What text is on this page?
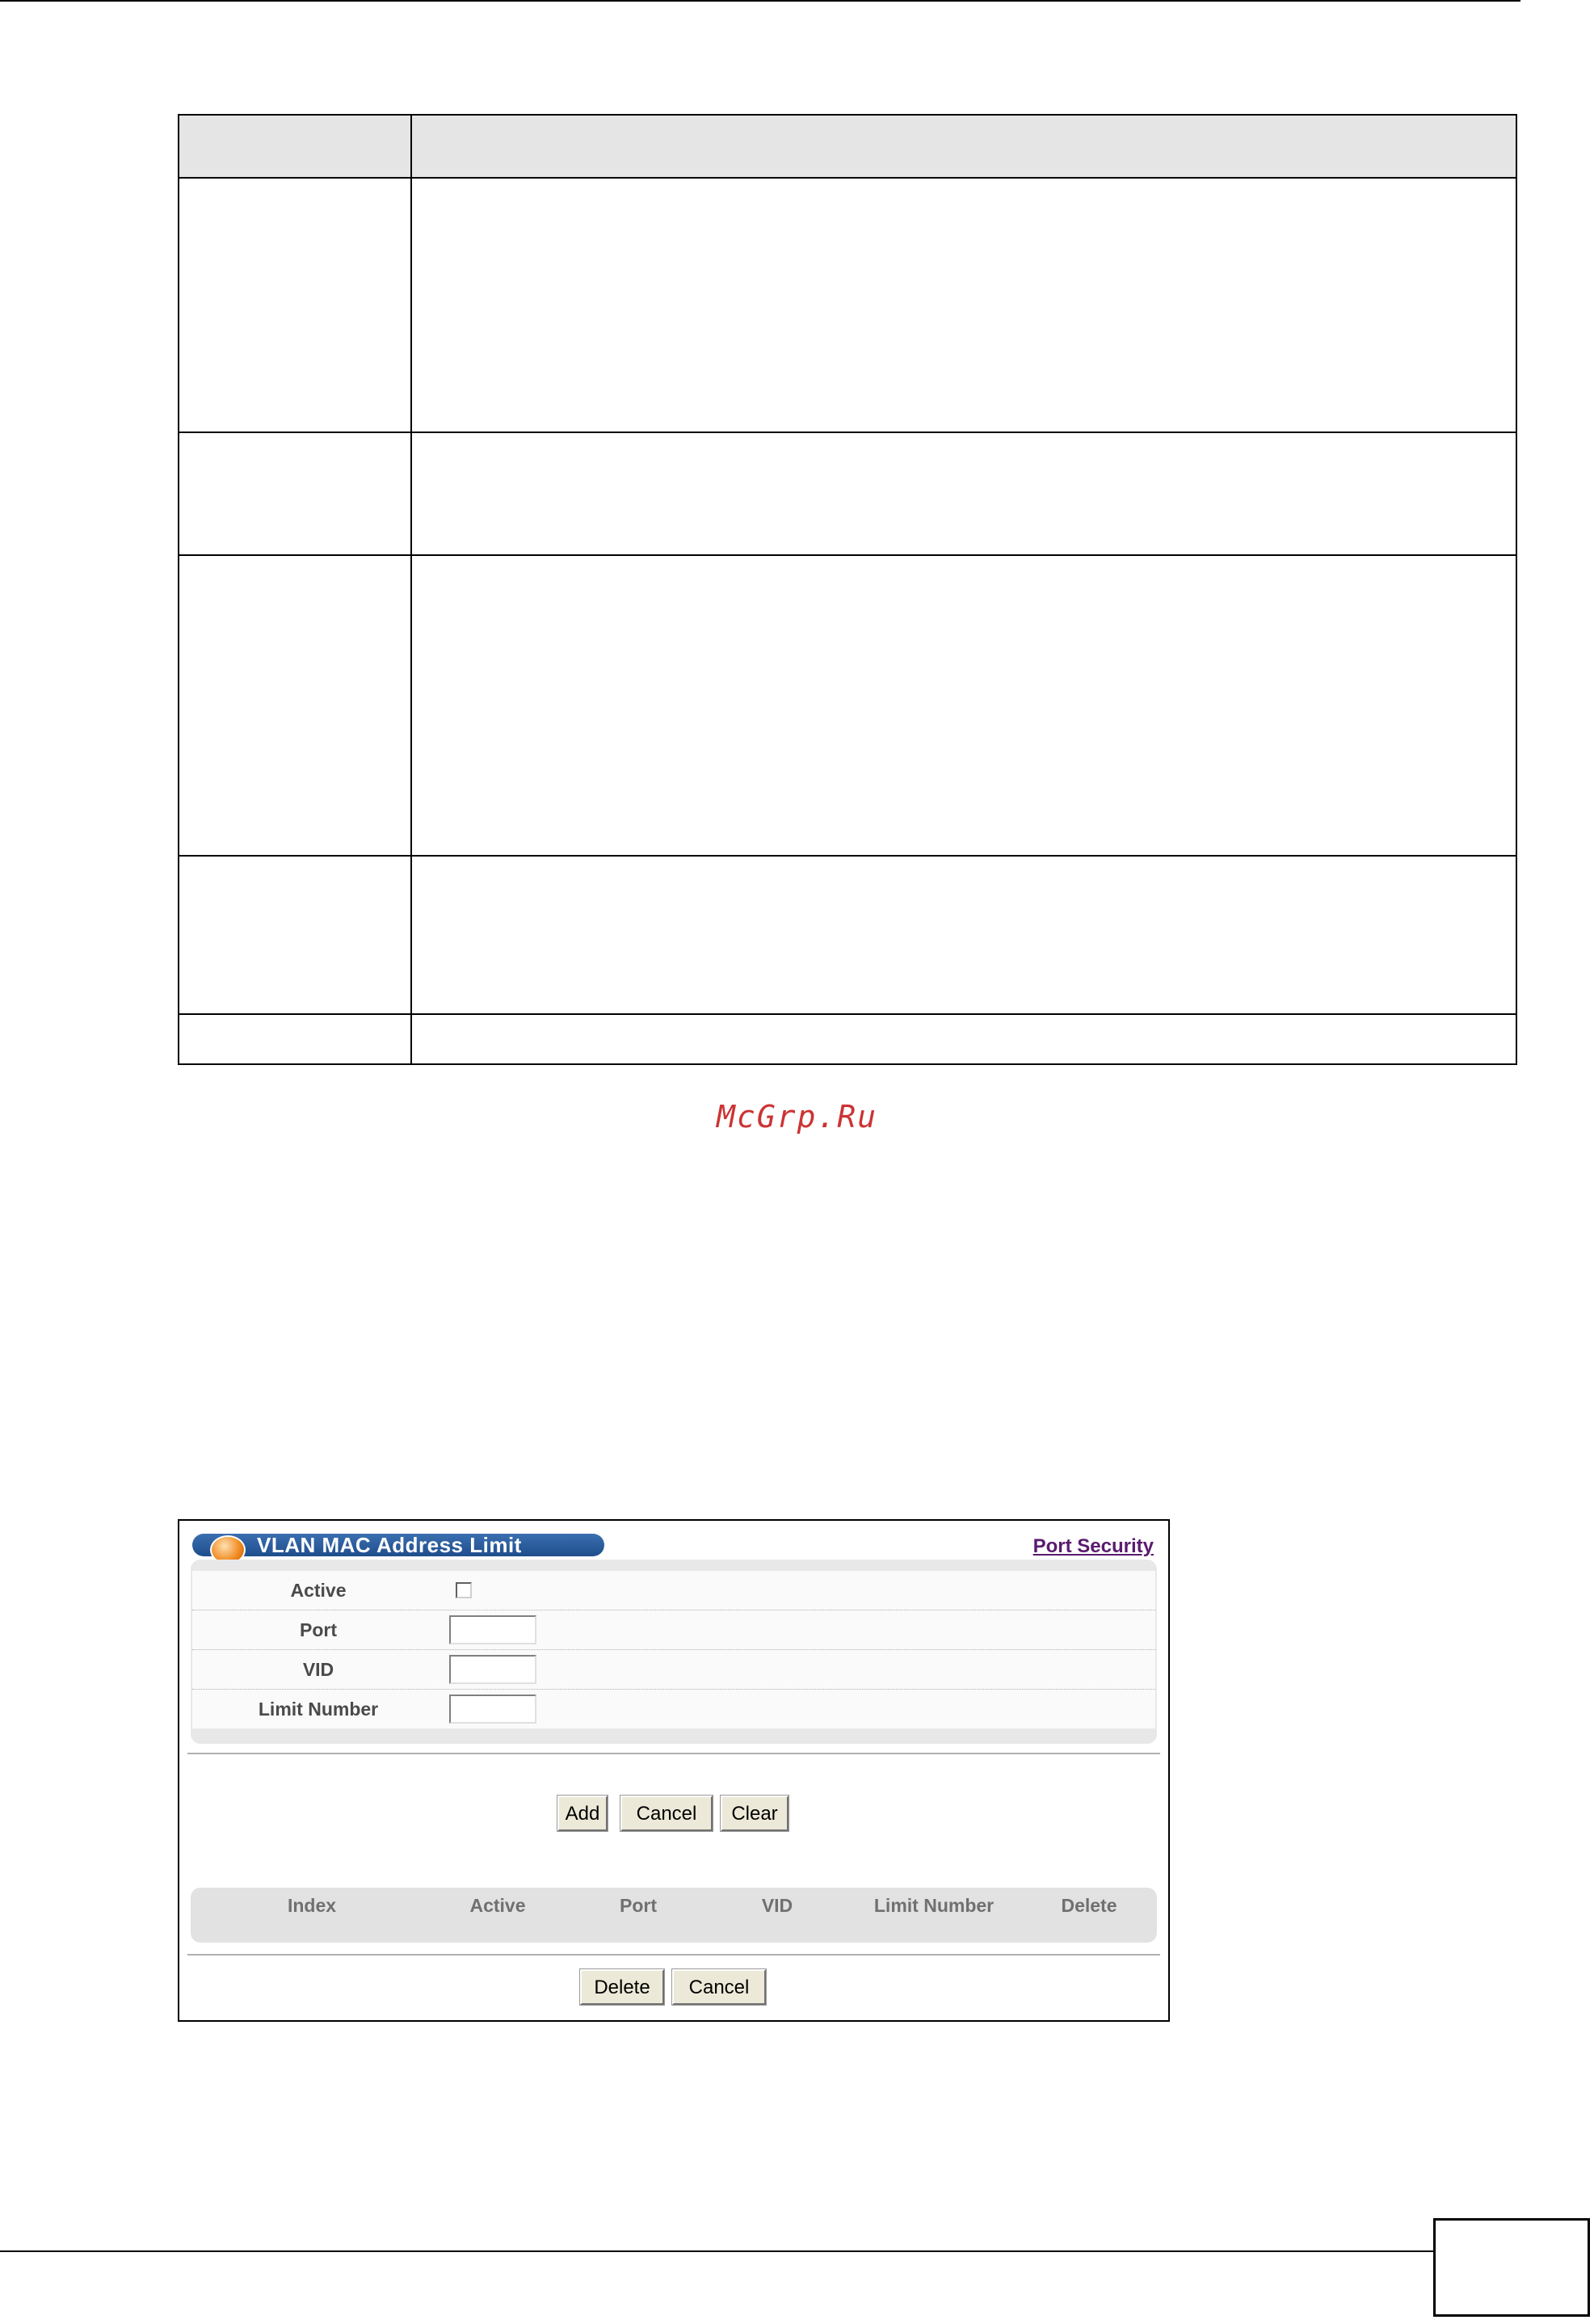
McGrp.Ru
VLAN MAC Address Limit	Port Security
Active
Port
VID
Limit Number
Add	Cancel	Clear
Index	Active	Port	VID	Limit Number	Delete
Delete	Cancel
